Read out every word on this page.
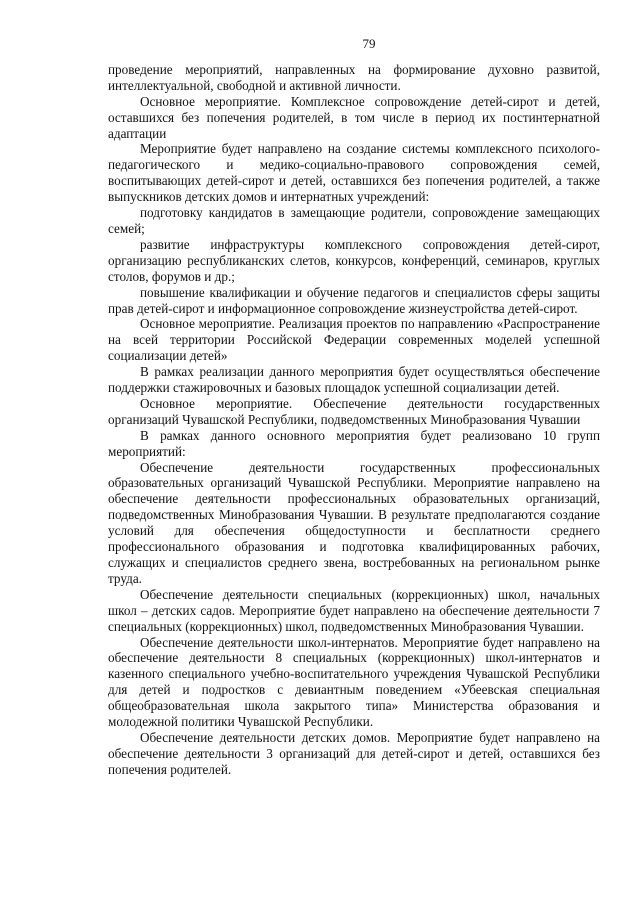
79

проведение мероприятий, направленных на формирование духовно развитой, интеллектуальной, свободной и активной личности.

Основное мероприятие. Комплексное сопровождение детей-сирот и детей, оставшихся без попечения родителей, в том числе в период их постинтернатной адаптации

Мероприятие будет направлено на создание системы комплексного психолого-педагогического и медико-социально-правового сопровождения семей, воспитывающих детей-сирот и детей, оставшихся без попечения родителей, а также выпускников детских домов и интернатных учреждений:

подготовку кандидатов в замещающие родители, сопровождение замещающих семей;

развитие инфраструктуры комплексного сопровождения детей-сирот, организацию республиканских слетов, конкурсов, конференций, семинаров, круглых столов, форумов и др.;

повышение квалификации и обучение педагогов и специалистов сферы защиты прав детей-сирот и информационное сопровождение жизнеустройства детей-сирот.

Основное мероприятие. Реализация проектов по направлению «Распространение на всей территории Российской Федерации современных моделей успешной социализации детей»

В рамках реализации данного мероприятия будет осуществляться обеспечение поддержки стажировочных и базовых площадок успешной социализации детей.

Основное мероприятие. Обеспечение деятельности государственных организаций Чувашской Республики, подведомственных Минобразования Чувашии

В рамках данного основного мероприятия будет реализовано 10 групп мероприятий:

Обеспечение деятельности государственных профессиональных образовательных организаций Чувашской Республики. Мероприятие направлено на обеспечение деятельности профессиональных образовательных организаций, подведомственных Минобразования Чувашии. В результате предполагаются создание условий для обеспечения общедоступности и бесплатности среднего профессионального образования и подготовка квалифицированных рабочих, служащих и специалистов среднего звена, востребованных на региональном рынке труда.

Обеспечение деятельности специальных (коррекционных) школ, начальных школ – детских садов. Мероприятие будет направлено на обеспечение деятельности 7 специальных (коррекционных) школ, подведомственных Минобразования Чувашии.

Обеспечение деятельности школ-интернатов. Мероприятие будет направлено на обеспечение деятельности 8 специальных (коррекционных) школ-интернатов и казенного специального учебно-воспитательного учреждения Чувашской Республики для детей и подростков с девиантным поведением «Убеевская специальная общеобразовательная школа закрытого типа» Министерства образования и молодежной политики Чувашской Республики.

Обеспечение деятельности детских домов. Мероприятие будет направлено на обеспечение деятельности 3 организаций для детей-сирот и детей, оставшихся без попечения родителей.
